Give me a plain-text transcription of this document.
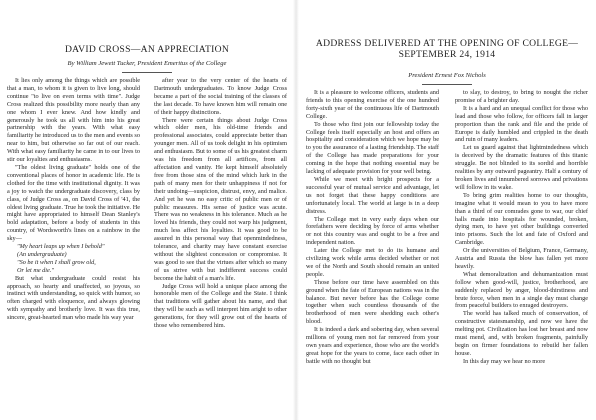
DAVID CROSS—AN APPRECIATION
By William Jewett Tucker, President Emeritus of the College

It lies only among the things which are possible that a man, to whom it is given to live long, should continue "to live on even terms with time". Judge Cross realized this possibility more nearly than any one whom I ever knew. And how kindly and generously he took us all with him into his great partnership with the years. With what easy familiarity he introduced us to the men and events so near to him, but otherwise so far out of our reach. With what easy familiarity he came in to our lives to stir our loyalties and enthusiasms.

"The oldest living graduate" holds one of the conventional places of honor in academic life. He is clothed for the time with institutional dignity. It was a joy to watch the undergraduate discovery, class by class, of Judge Cross as, on David Cross of '41, the oldest living graduate. True he took the initiative. He might have appropriated to himself Dean Stanley's bold adaptation, before a body of students in this country, of Wordsworth's lines on a rainbow in the sky—

"My heart leaps up when I behold"

(An undergraduate)

"So be it when I shall grow old,

Or let me die."

But what undergraduate could resist his approach, so hearty and unaffected, so joyous, so instinct with understanding, so quick with humor, so often charged with eloquence, and always glowing with sympathy and brotherly love. It was this true, sincere, great-hearted man who made his way year

after year to the very center of the hearts of Dartmouth undergraduates. To know Judge Cross became a part of the social training of the classes of the last decade. To have known him will remain one of their happy distinctions.

There were certain things about Judge Cross which older men, his old-time friends and professional associates, could appreciate better than younger men. All of us took delight in his optimism and enthusiasm. But to some of us his greatest charm was his freedom from all artifices, from all affectation and vanity. He kept himself absolutely free from those sins of the mind which lurk in the path of many men for their unhappiness if not for their undoing—suspicion, distrust, envy, and malice. And yet he was no easy critic of public men or of public measures. His sense of justice was acute. There was no weakness in his tolerance. Much as he loved his friends, they could not warp his judgment, much less affect his loyalties. It was good to be assured in this personal way that openmindedness, tolerance, and charity may have constant exercise without the slightest concession or compromise. It was good to see that the virtues after which so many of us strive with but indifferent success could become the habit of a man's life.

Judge Cross will hold a unique place among the honorable men of the College and the State. I think that traditions will gather about his name, and that they will be such as will interpret him aright to other generations, for they will grow out of the hearts of those who remembered him.

ADDRESS DELIVERED AT THE OPENING OF COLLEGE—SEPTEMBER 24, 1914
President Ernest Fox Nichols

It is a pleasure to welcome officers, students and friends to this opening exercise of the one hundred forty-sixth year of the continuous life of Dartmouth College.

To those who first join our fellowship today the College feels itself especially an host and offers an hospitality and consideration which we hope may be to you the assurance of a lasting friendship. The staff of the College has made preparations for your coming in the hope that nothing essential may be lacking of adequate provision for your well being.

While we meet with bright prospects for a successful year of mutual service and advantage, let us not forget that these happy conditions are unfortunately local. The world at large is in a deep distress.

The College met in very early days when our forefathers were deciding by force of arms whether or not this country was and ought to be a free and independent nation.

Later the College met to do its humane and civilizing work while arms decided whether or not we of the North and South should remain an united people.

Those before our time have assembled on this ground when the fate of European nations was in the balance. But never before has the College come together when such countless thousands of the brotherhood of men were shedding each other's blood.

It is indeed a dark and sobering day, when several millions of young men not far removed from your own years and experience, those who are the world's great hope for the years to come, face each other in battle with no thought but

to slay, to destroy, to bring to nought the richer promise of a brighter day.

It is a hard and an unequal conflict for those who lead and those who follow, for officers fall in larger proportion than the rank and file and the pride of Europe is daily humbled and crippled in the death and ruin of many leaders.

Let us guard against that lightmindedness which is deceived by the dramatic features of this titanic struggle. Be not blinded to its sordid and horrible realities by any outward pageantry. Half a century of broken lives and innumbered sorrows and privations will follow in its wake.

To bring grim realities home to our thoughts, imagine what it would mean to you to have more than a third of our comrades gone to war, our chief halls made into hospitals for wounded, broken, dying men, to have yet other buildings converted into prisons. Such the lot and fate of Oxford and Cambridge.

Or the universities of Belgium, France, Germany, Austria and Russia the blow has fallen yet more heavily.

What demoralization and dehumanization must follow when good-will, justice, brotherhood, are suddenly replaced by anger, blood-thirstiness and brute force, when men in a single day must change from peaceful builders to enraged destroyers.

The world has talked much of conservation, of constructive statesmanship, and now we have the melting pot. Civilization has lost her breast and now must mend, and, with broken fragments, painfully begin on firmer foundations to rebuild her fallen house.

In this day may we hear no more
